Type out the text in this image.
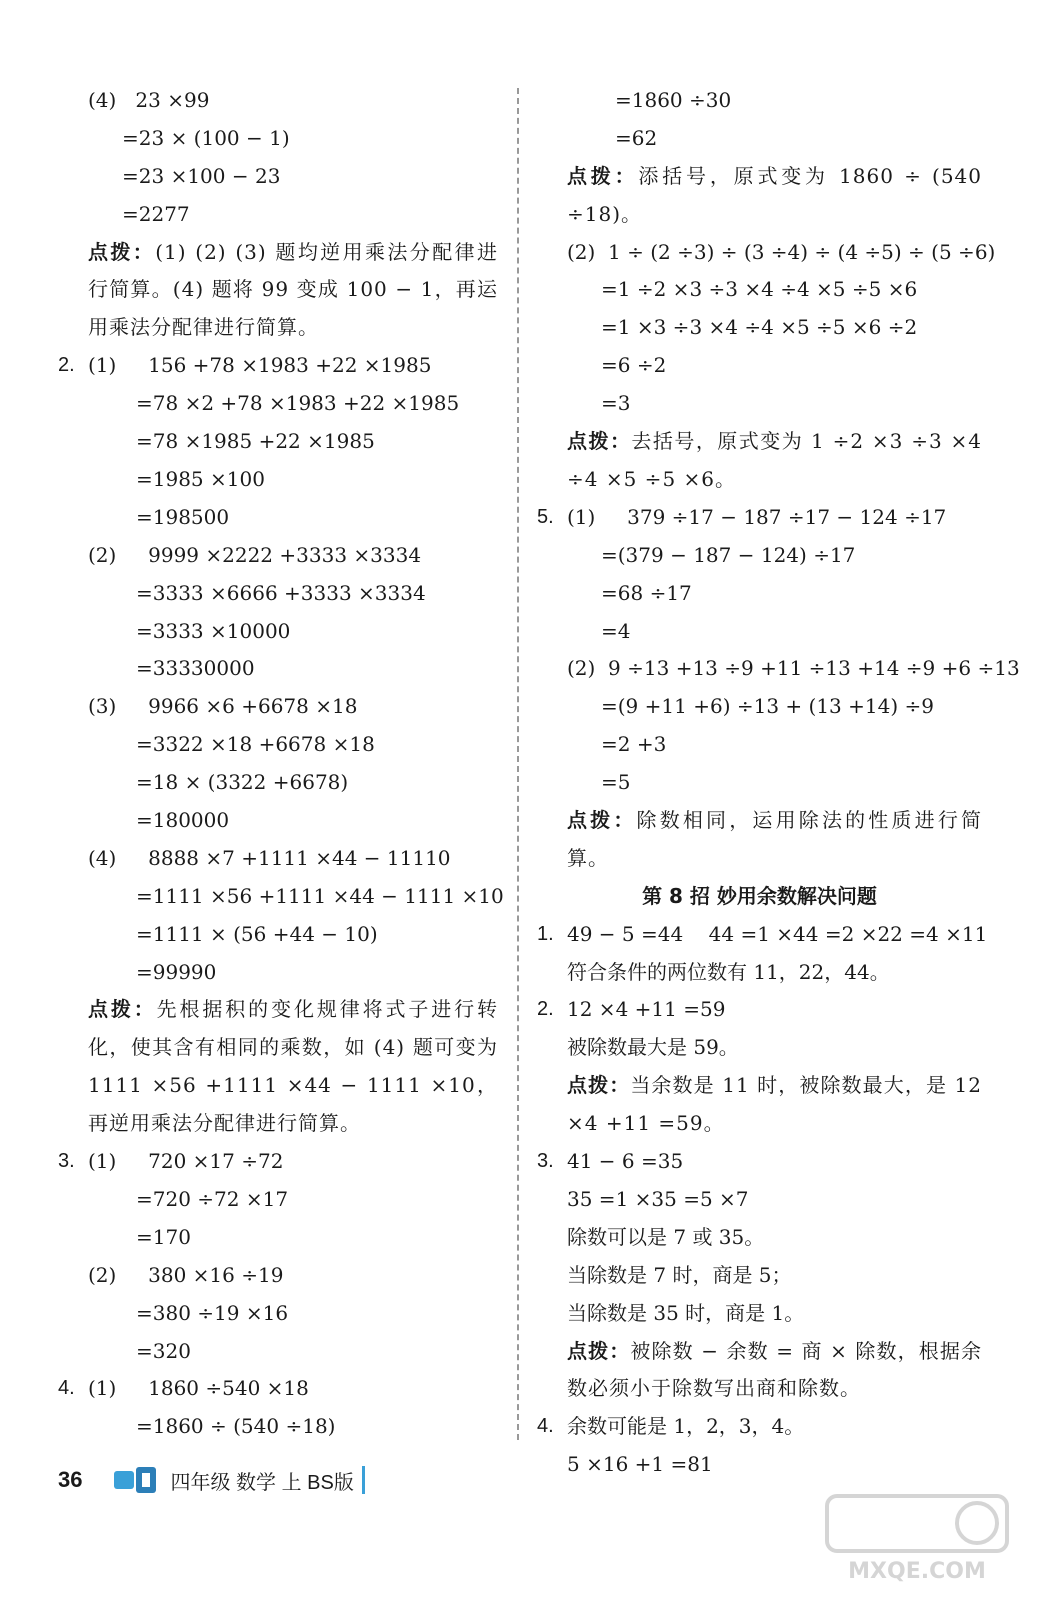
(4)   23 ×99
=23 × (100 − 1)
=23 ×100 − 23
=2277
点拨：(1) (2) (3) 题均逆用乘法分配律进行简算。(4) 题将 99 变成 100 − 1，再运用乘法分配律进行简算。
2. (1)     156 +78 ×1983 +22 ×1985
=78 ×2 +78 ×1983 +22 ×1985
=78 ×1985 +22 ×1985
=1985 ×100
=198500
(2)     9999 ×2222 +3333 ×3334
=3333 ×6666 +3333 ×3334
=3333 ×10000
=33330000
(3)     9966 ×6 +6678 ×18
=3322 ×18 +6678 ×18
=18 × (3322 +6678)
=180000
(4)     8888 ×7 +1111 ×44 − 11110
=1111 ×56 +1111 ×44 − 1111 ×10
=1111 × (56 +44 − 10)
=99990
点拨：先根据积的变化规律将式子进行转化，使其含有相同的乘数，如 (4) 题可变为1111 ×56 +1111 ×44 − 1111 ×10，再逆用乘法分配律进行简算。
3. (1)     720 ×17 ÷72
=720 ÷72 ×17
=170
(2)     380 ×16 ÷19
=380 ÷19 ×16
=320
4. (1)     1860 ÷540 ×18
=1860 ÷ (540 ÷18)
=1860 ÷30
=62
点拨：添括号，原式变为 1860 ÷ (540 ÷18)。
(2)  1 ÷ (2 ÷3) ÷ (3 ÷4) ÷ (4 ÷5) ÷ (5 ÷6)
=1 ÷2 ×3 ÷3 ×4 ÷4 ×5 ÷5 ×6
=1 ×3 ÷3 ×4 ÷4 ×5 ÷5 ×6 ÷2
=6 ÷2
=3
点拨：去括号，原式变为 1 ÷2 ×3 ÷3 ×4 ÷4 ×5 ÷5 ×6。
5. (1)     379 ÷17 − 187 ÷17 − 124 ÷17
=(379 − 187 − 124) ÷17
=68 ÷17
=4
(2)  9 ÷13 +13 ÷9 +11 ÷13 +14 ÷9 +6 ÷13
=(9 +11 +6) ÷13 + (13 +14) ÷9
=2 +3
=5
点拨：除数相同，运用除法的性质进行简算。
第 8 招 妙用余数解决问题
1. 49 − 5 =44    44 =1 ×44 =2 ×22 =4 ×11
符合条件的两位数有 11，22，44。
2. 12 ×4 +11 =59
被除数最大是 59。
点拨：当余数是 11 时，被除数最大，是 12 ×4 +11 =59。
3. 41 − 6 =35
35 =1 ×35 =5 ×7
除数可以是 7 或 35。
当除数是 7 时，商是 5；
当除数是 35 时，商是 1。
点拨：被除数 − 余数 = 商 × 除数，根据余数必须小于除数写出商和除数。
4. 余数可能是 1，2，3，4。
5 ×16 +1 =81
36	四年级 数学 上 BS版
MXQE.COM
